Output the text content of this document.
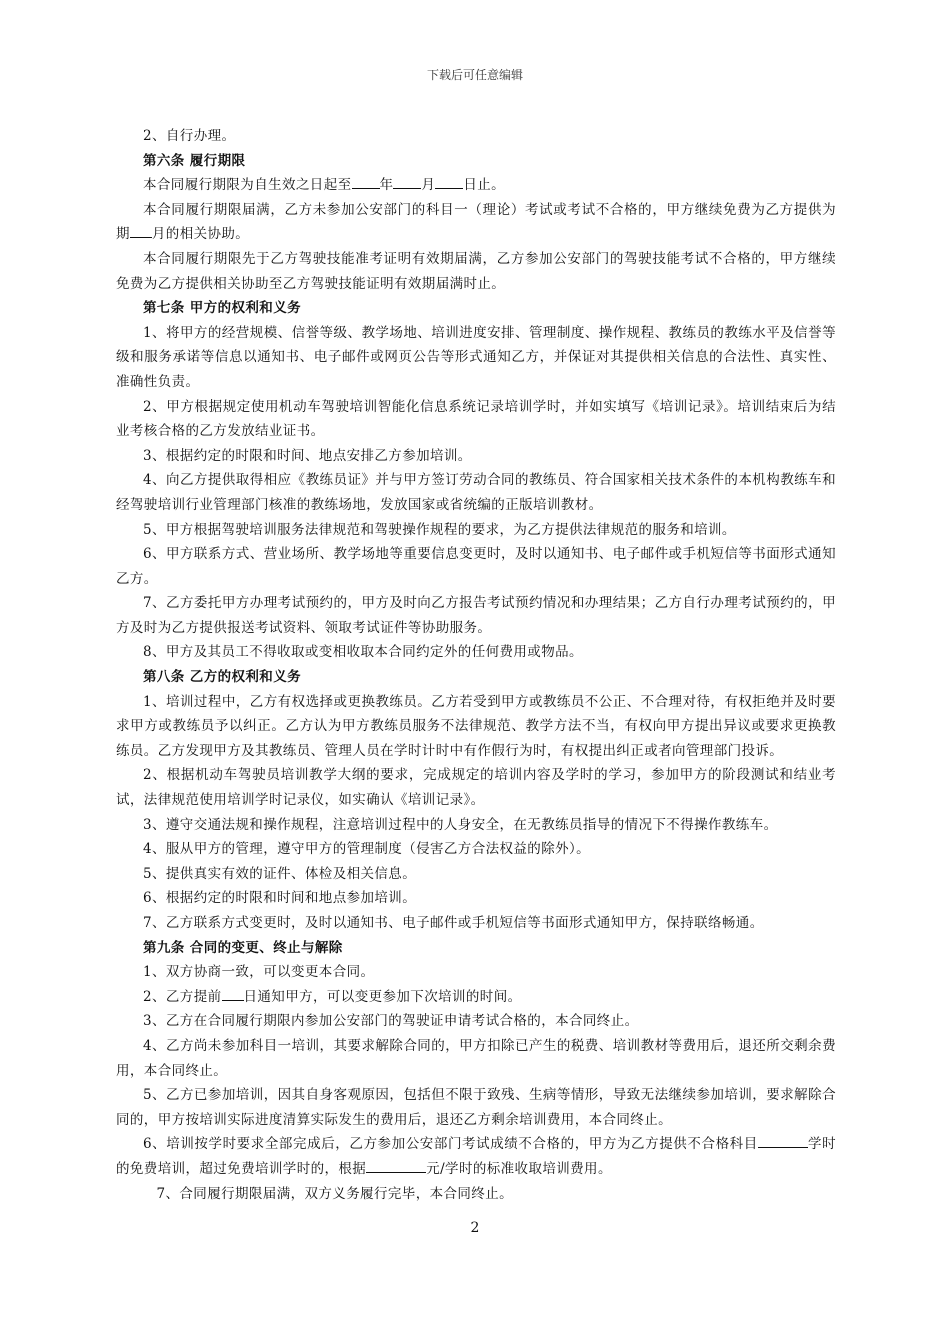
下载后可任意编辑

2、自行办理。

第六条 履行期限

本合同履行期限为自生效之日起至 年 月 日止。

本合同履行期限届满，乙方未参加公安部门的科目一（理论）考试或考试不合格的，甲方继续免费为乙方提供为期 月的相关协助。

本合同履行期限先于乙方驾驶技能准考证明有效期届满，乙方参加公安部门的驾驶技能考试不合格的，甲方继续免费为乙方提供相关协助至乙方驾驶技能证明有效期届满时止。

第七条 甲方的权利和义务

1、将甲方的经营规模、信誉等级、教学场地、培训进度安排、管理制度、操作规程、教练员的教练水平及信誉等级和服务承诺等信息以通知书、电子邮件或网页公告等形式通知乙方，并保证对其提供相关信息的合法性、真实性、准确性负责。

2、甲方根据规定使用机动车驾驶培训智能化信息系统记录培训学时，并如实填写《培训记录》。培训结束后为结业考核合格的乙方发放结业证书。

3、根据约定的时限和时间、地点安排乙方参加培训。

4、向乙方提供取得相应《教练员证》并与甲方签订劳动合同的教练员、符合国家相关技术条件的本机构教练车和经驾驶培训行业管理部门核准的教练场地，发放国家或省统编的正版培训教材。

5、甲方根据驾驶培训服务法律规范和驾驶操作规程的要求，为乙方提供法律规范的服务和培训。

6、甲方联系方式、营业场所、教学场地等重要信息变更时，及时以通知书、电子邮件或手机短信等书面形式通知乙方。

7、乙方委托甲方办理考试预约的，甲方及时向乙方报告考试预约情况和办理结果；乙方自行办理考试预约的，甲方及时为乙方提供报送考试资料、领取考试证件等协助服务。

8、甲方及其员工不得收取或变相收取本合同约定外的任何费用或物品。

第八条 乙方的权利和义务

1、培训过程中，乙方有权选择或更换教练员。乙方若受到甲方或教练员不公正、不合理对待，有权拒绝并及时要求甲方或教练员予以纠正。乙方认为甲方教练员服务不法律规范、教学方法不当，有权向甲方提出异议或要求更换教练员。乙方发现甲方及其教练员、管理人员在学时计时中有作假行为时，有权提出纠正或者向管理部门投诉。

2、根据机动车驾驶员培训教学大纲的要求，完成规定的培训内容及学时的学习，参加甲方的阶段测试和结业考试，法律规范使用培训学时记录仪，如实确认《培训记录》。

3、遵守交通法规和操作规程，注意培训过程中的人身安全，在无教练员指导的情况下不得操作教练车。

4、服从甲方的管理，遵守甲方的管理制度（侵害乙方合法权益的除外）。

5、提供真实有效的证件、体检及相关信息。

6、根据约定的时限和时间和地点参加培训。

7、乙方联系方式变更时，及时以通知书、电子邮件或手机短信等书面形式通知甲方，保持联络畅通。

第九条 合同的变更、终止与解除

1、双方协商一致，可以变更本合同。

2、乙方提前 日通知甲方，可以变更参加下次培训的时间。

3、乙方在合同履行期限内参加公安部门的驾驶证申请考试合格的，本合同终止。

4、乙方尚未参加科目一培训，其要求解除合同的，甲方扣除已产生的税费、培训教材等费用后，退还所交剩余费用，本合同终止。

5、乙方已参加培训，因其自身客观原因，包括但不限于致残、生病等情形，导致无法继续参加培训，要求解除合同的，甲方按培训实际进度清算实际发生的费用后，退还乙方剩余培训费用，本合同终止。

6、培训按学时要求全部完成后，乙方参加公安部门考试成绩不合格的，甲方为乙方提供不合格科目	学时的免费培训，超过免费培训学时的，根据	元/学时的标准收取培训费用。

7、合同履行期限届满，双方义务履行完毕，本合同终止。

2
